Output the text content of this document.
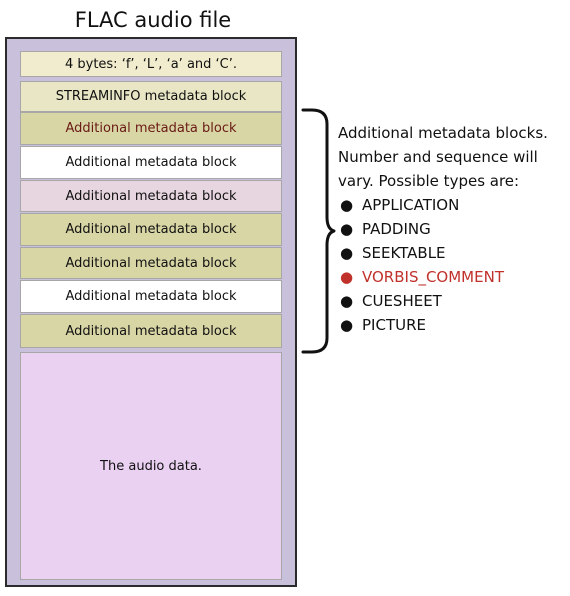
FLAC audio file
4 bytes: ‘f’, ‘L’, ‘a’ and ‘C’.
STREAMINFO metadata block
Additional metadata block
Additional metadata block
Additional metadata block
Additional metadata block
Additional metadata block
Additional metadata block
Additional metadata block
The audio data.
Additional metadata blocks.
Number and sequence will
vary. Possible types are:
● APPLICATION
● PADDING
● SEEKTABLE
● VORBIS_COMMENT
● CUESHEET
● PICTURE
